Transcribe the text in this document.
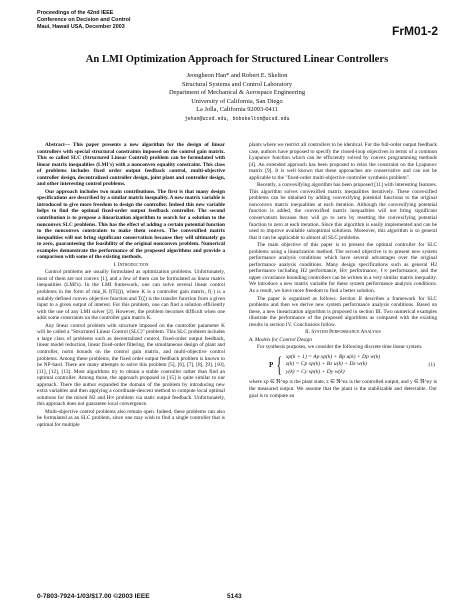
Proceedings of the 42nd IEEE
Conference on Decision and Control
Maui, Hawaii USA, December 2003	FrM01-2
An LMI Optimization Approach for Structured Linear Controllers
Jeongheon Han* and Robert E. Skelton
Structural Systems and Control Laboratory
Department of Mechanical & Aerospace Engineering
University of California, San Diego
La Jolla, California 92093-0411
jehan@ucsd.edu, bobskelton@ucsd.edu

Abstract— This paper presents a new algorithm for the design of linear controllers with special structural constraints imposed on the control gain matrix. This so called SLC (Structured Linear Control) problem can be formulated with linear matrix inequalities (LMI's) with a nonconvex equality constraint. This class of problems includes fixed order output feedback control, multi-objective controller design, decentralized controller design, joint plant and controller design, and other interesting control problems.

Our approach includes two main contributions. The first is that many design specifications are described by a similar matrix inequality. A new matrix variable is introduced to give more freedom to design the controller. Indeed this new variable helps to find the optimal fixed-order output feedback controller. The second contribution is to propose a linearization algorithm to search for a solution to the nonconvex SLC problems. This has the effect of adding a certain potential function to the nonconvex constraints to make them convex. The convexified matrix inequalities will not bring significant conservatism because they will ultimately go to zero, guaranteeing the feasibility of the original nonconvex problem. Numerical examples demonstrate the performance of the proposed algorithms and provide a comparison with some of the existing methods.

I. Introduction

Control problems are usually formulated as optimization problems. Unfortunately, most of them are not convex [1], and a few of them can be formulated as linear matrix inequalities (LMI's). In the LMI framework, one can solve several linear control problems in the form of min_K f(T(ζ)), where K is a controller gain matrix, f(·) is a suitably defined convex objective function and T(ζ) is the transfer function from a given input to a given output of interest. For this problem, one can find a solution efficiently with the use of any LMI solver [2]. However, the problem becomes difficult when one adds some constraints on the controller gain matrix K.

Any linear control problem with structure imposed on the controller parameter K will be called a "Structured Linear Control (SLC)" problem. This SLC problem includes a large class of problems such as decentralized control, fixed-order output feedback, linear model reduction, linear fixed-order filtering, the simultaneous design of plant and controller, norm bounds on the control gain matrix, and multi-objective control problems. Among these problems, the fixed order output feedback problem is known to be NP-hard. There are many attempts to solve this problem [5], [6], [7], [8], [9], [10], [11], [12], [13]. Most algorithms try to obtain a stable controller rather than find an optimal controller. Among those, the approach proposed in [15] is quite similar to our approach. There the author expanded the domain of the problem by introducing new extra variables and then applying a coordinate-descent method to compute local optimal solutions for the mixed H2 and H∞ problem via static output feedback. Unfortunately, this approach does not guarantee local convergence.

Multi-objective control problems also remain open. Indeed, these problems can also be formulated as an SLC problem, since one may wish to find a single controller that is optimal for multiple

plants where we restrict all controllers to be identical. For the full-order output feedback case, authors have proposed to specify the closed-loop objectives in terms of a common Lyapunov function which can be efficiently solved by convex programming methods [4]. An extended approach has been proposed to relax the constraint on the Lyapunov matrix [9]. It is well known that these approaches are conservative and can not be applicable to the "fixed-order multi-objective controller synthesis problem".

Recently, a convexifying algorithm has been proposed [11] with interesting features. This algorithm solves convexified matrix inequalities iteratively. These convexified problems can be obtained by adding convexifying potential functions to the original nonconvex matrix inequalities at each iteration. Although the convexifying potential function is added, the convexified matrix inequalities will not bring significant conservatism because they will go to zero by resetting the convexifying potential function to zero at each iteration. Since this algorithm is easily implemented and can be used to improve available suboptimal solutions. Moreover, this algorithm is so general that it can be applicable to almost all SLC problems.

The main objective of this paper is to present the optimal controller for SLC problems using a linearization method. The second objective is to present new system performance analysis conditions which have several advantages over the original performance analysis conditions. Many design specifications such as general H2 performance including H2 performance, H∞ performance, ℓ∞ performance, and the upper covariance bounding controllers can be written in a very similar matrix inequality. We introduce a new matrix variable for these system performance analysis conditions. As a result, we have more freedom to find a better solution.

The paper is organized as follows. Section II describes a framework for SLC problems and then we derive new system performance analysis conditions. Based on these, a new linearization algorithm is proposed in section III. Two numerical examples illustrate the performance of the proposed algorithms as compared with the existing results in section IV. Conclusions follow.

II. System Performance Analysis

A. Models for Control Design

For synthesis purposes, we consider the following discrete time linear system.

P { xp(k + 1) = Ap xp(k) + Bp u(k) + Dp w(k)
z(k) = Cp xp(k) + Bz u(k) + Dz w(k)
y(k) = Cy xp(k) + Dy w(k)
(1)

where xp ∈ ℜ^np is the plant state, z ∈ ℜ^nz is the controlled output, and y ∈ ℜ^ny is the measured output. We assume that the plant is the stabilizable and detectable. Our goal is to compute an

0-7803-7924-1/03/$17.00 ©2003 IEEE	5143
